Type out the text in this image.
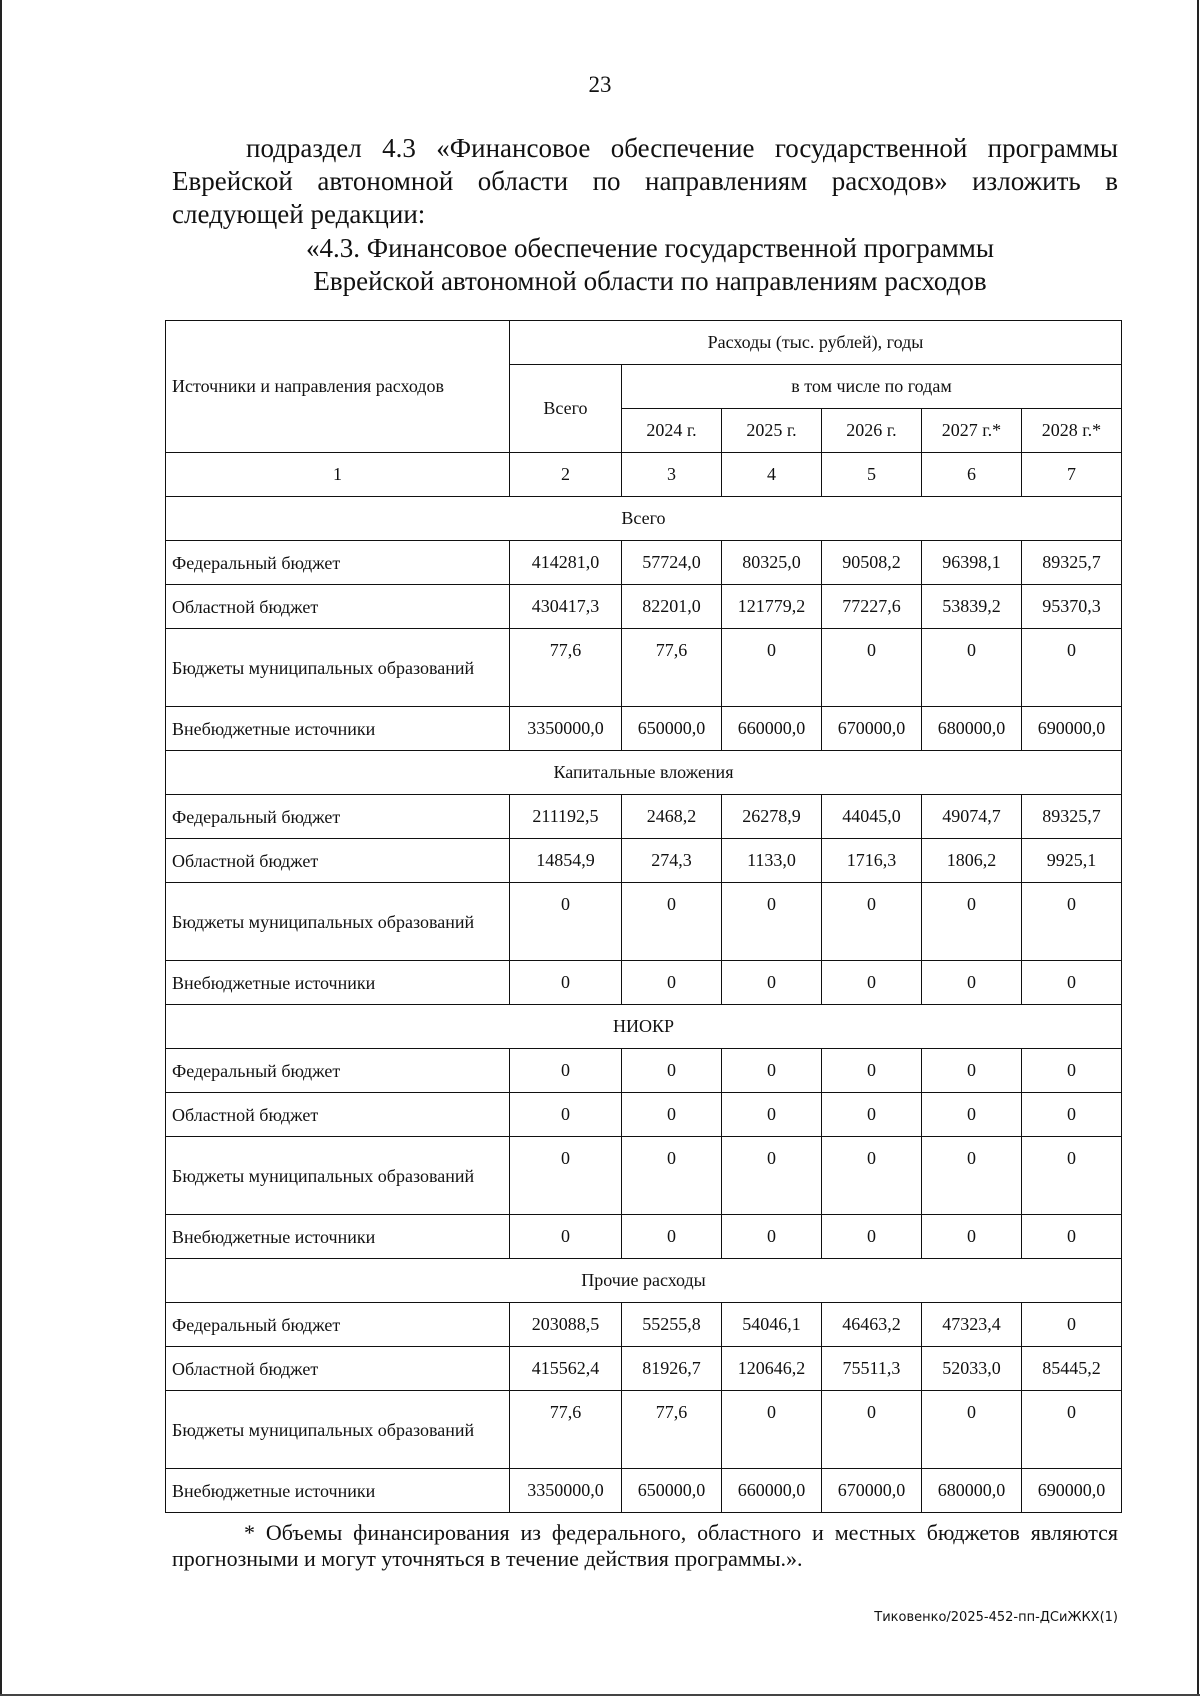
23
подраздел 4.3 «Финансовое обеспечение государственной программы Еврейской автономной области по направлениям расходов» изложить в следующей редакции:
«4.3. Финансовое обеспечение государственной программы
Еврейской автономной области по направлениям расходов
Источники и направления расходов	Расходы (тыс. рублей), годы					
	Всего	в том числе по годам				
		2024 г.	2025 г.	2026 г.	2027 г.*	2028 г.*
1	2	3	4	5	6	7
Всего						
Федеральный бюджет	414281,0	57724,0	80325,0	90508,2	96398,1	89325,7
Областной бюджет	430417,3	82201,0	121779,2	77227,6	53839,2	95370,3
Бюджеты муниципальных образований	77,6	77,6	0	0	0	0
Внебюджетные источники	3350000,0	650000,0	660000,0	670000,0	680000,0	690000,0
Капитальные вложения						
Федеральный бюджет	211192,5	2468,2	26278,9	44045,0	49074,7	89325,7
Областной бюджет	14854,9	274,3	1133,0	1716,3	1806,2	9925,1
Бюджеты муниципальных образований	0	0	0	0	0	0
Внебюджетные источники	0	0	0	0	0	0
НИОКР						
Федеральный бюджет	0	0	0	0	0	0
Областной бюджет	0	0	0	0	0	0
Бюджеты муниципальных образований	0	0	0	0	0	0
Внебюджетные источники	0	0	0	0	0	0
Прочие расходы						
Федеральный бюджет	203088,5	55255,8	54046,1	46463,2	47323,4	0
Областной бюджет	415562,4	81926,7	120646,2	75511,3	52033,0	85445,2
Бюджеты муниципальных образований	77,6	77,6	0	0	0	0
Внебюджетные источники	3350000,0	650000,0	660000,0	670000,0	680000,0	690000,0
* Объемы финансирования из федерального, областного и местных бюджетов являются прогнозными и могут уточняться в течение действия программы.».
Тиковенко/2025-452-пп-ДСиЖКХ(1)
